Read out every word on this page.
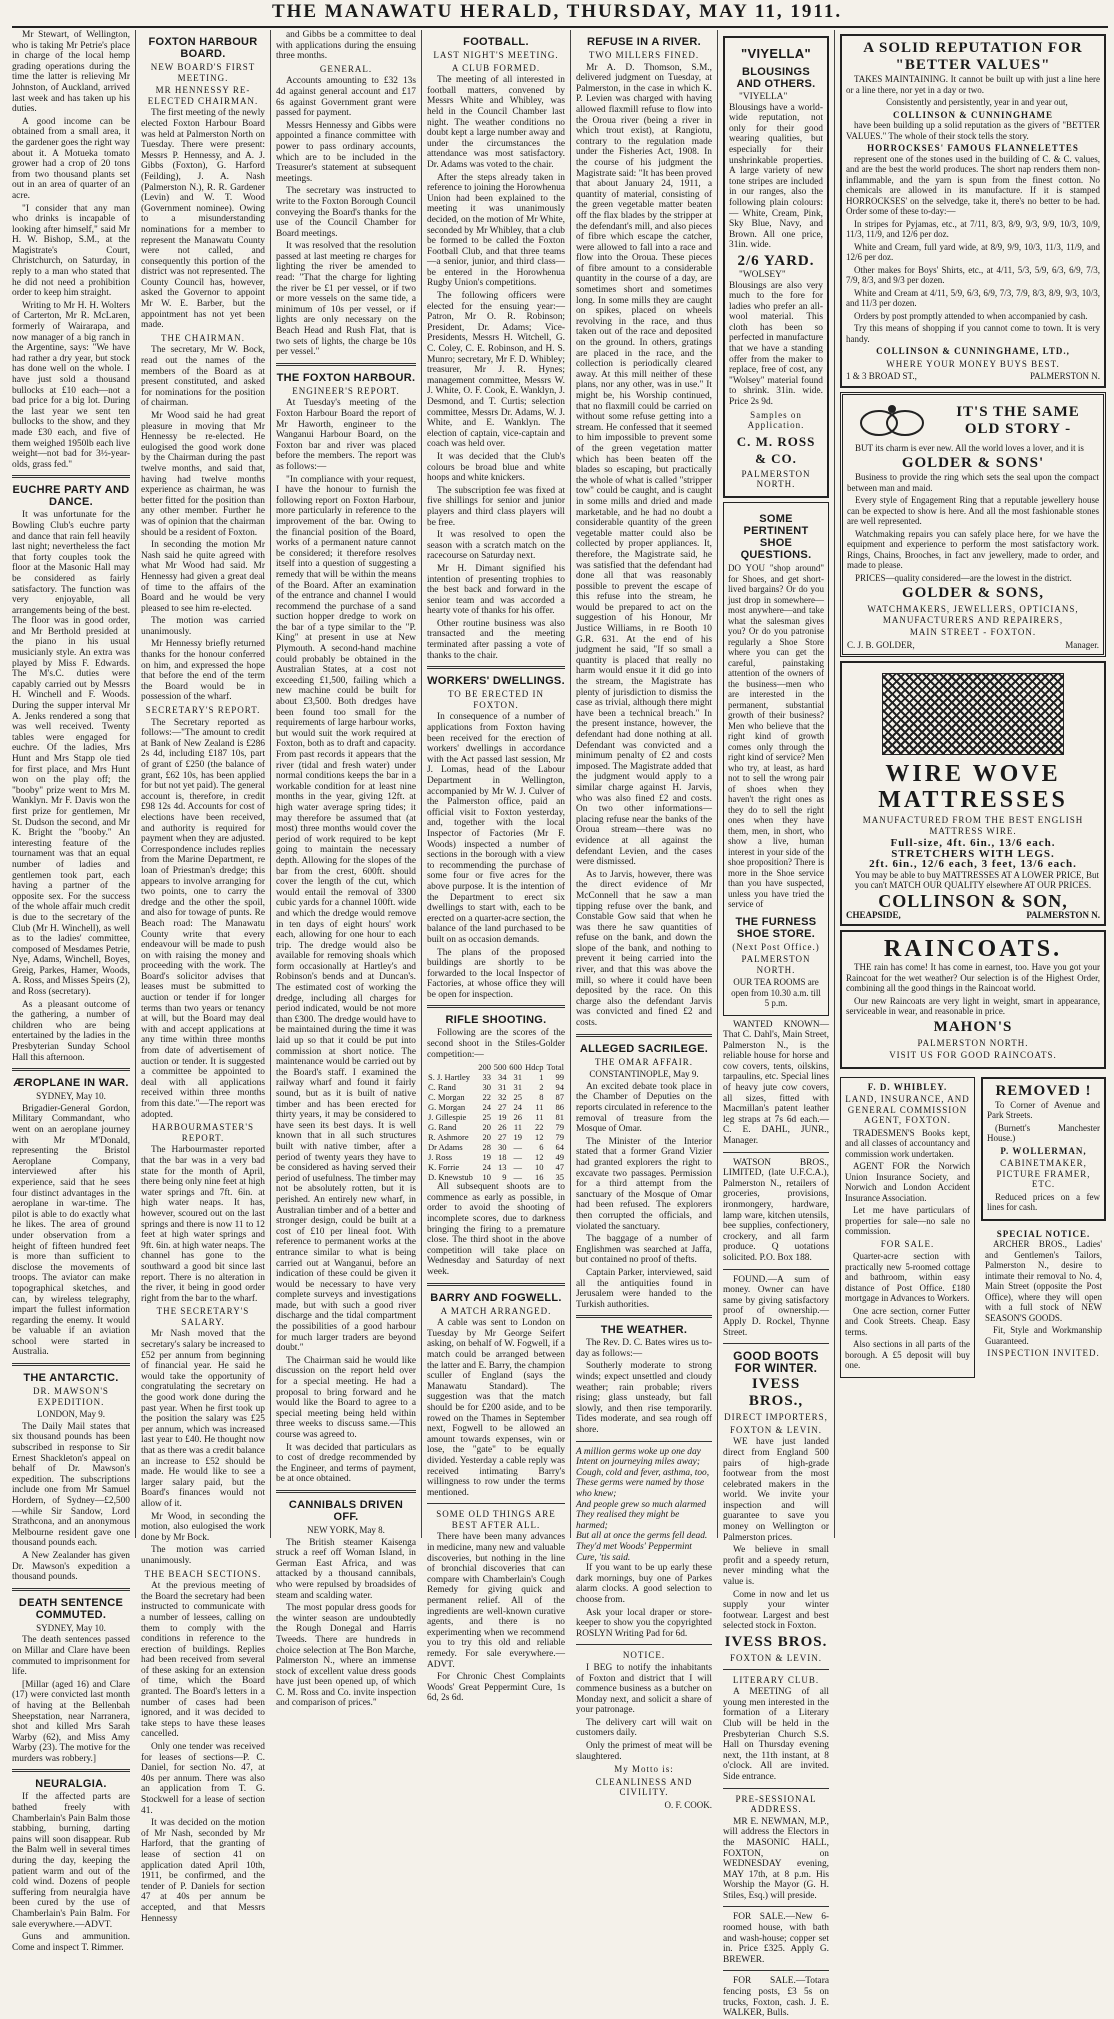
THE MANAWATU HERALD, THURSDAY, MAY 11, 1911.

Mr Stewart, of Wellington, who is taking Mr Petrie's place in charge of the local hemp grading operations during the time the latter is relieving Mr Johnston, of Auckland, arrived last week and has taken up his duties.

A good income can be obtained from a small area, it the gardener goes the right way about it. A Motueka tomato grower had a crop of 20 tons from two thousand plants set out in an area of quarter of an acre.

"I consider that any man who drinks is incapable of looking after himself," said Mr H. W. Bishop, S.M., at the Magistrate's Court, Christchurch, on Saturday, in reply to a man who stated that he did not need a prohibition order to keep him straight.

Writing to Mr H. H. Wolters of Carterton, Mr R. McLaren, formerly of Wairarapa, and now manager of a big ranch in the Argentine, says: "We have had rather a dry year, but stock has done well on the whole. I have just sold a thousand bullocks at £10 each—not a bad price for a big lot. During the last year we sent ten bullocks to the show, and they made £30 each, and five of them weighed 1950lb each live weight—not bad for 3½-year-olds, grass fed."

EUCHRE PARTY AND DANCE.

It was unfortunate for the Bowling Club's euchre party and dance that rain fell heavily last night; nevertheless the fact that forty couples took the floor at the Masonic Hall may be considered as fairly satisfactory. The function was very enjoyable, all arrangements being of the best. The floor was in good order, and Mr Berthold presided at the piano in his usual musicianly style. An extra was played by Miss F. Edwards. The M's.C. duties were capably carried out by Messrs H. Winchell and F. Woods. During the supper interval Mr A. Jenks rendered a song that was well received. Twenty tables were engaged for euchre. Of the ladies, Mrs Hunt and Mrs Stapp ole tied for first place, and Mrs Hunt won on the play off; the "booby" prize went to Mrs M. Wanklyn. Mr F. Davis won the first prize for gentlemen, Mr St. Dudson the second, and Mr K. Bright the "booby." An interesting feature of the tournament was that an equal number of ladies and gentlemen took part, each having a partner of the opposite sex. For the success of the whole affair much credit is due to the secretary of the Club (Mr H. Winchell), as well as to the ladies' committee, composed of Mesdames Petrie, Nye, Adams, Winchell, Boyes, Greig, Parkes, Hamer, Woods, A. Ross, and Misses Speirs (2), and Ross (secretary).

As a pleasant outcome of the gathering, a number of children who are being entertained by the ladies in the Presbyterian Sunday School Hall this afternoon.

ÆROPLANE IN WAR.
SYDNEY, May 10.

Brigadier-General Gordon, Military Commandant, who went on an aeroplane journey with Mr M'Donald, representing the Bristol Aeroplane Company, interviewed after his experience, said that he sees four distinct advantages in the aeroplane in war-time. The pilot is able to do exactly what he likes. The area of ground under observation from a height of fifteen hundred feet is more than sufficient to disclose the movements of troops. The aviator can make topographical sketches, and can, by wireless telegraphy, impart the fullest information regarding the enemy. It would be valuable if an aviation school were started in Australia.

THE ANTARCTIC.
DR. MAWSON'S EXPEDITION.
LONDON, May 9.

The Daily Mail states that six thousand pounds has been subscribed in response to Sir Ernest Shackleton's appeal on behalf of Dr. Mawson's expedition. The subscriptions include one from Mr Samuel Hordern, of Sydney—£2,500—while Sir Sandow, Lord Strathcona, and an anonymous Melbourne resident gave one thousand pounds each.

A New Zealander has given Dr. Mawson's expedition a thousand pounds.

DEATH SENTENCE COMMUTED.
SYDNEY, May 10.

The death sentences passed on Millar and Clare have been commuted to imprisonment for life.

[Millar (aged 16) and Clare (17) were convicted last month of having at the Bellenbah Sheepstation, near Narranera, shot and killed Mrs Sarah Warby (62), and Miss Amy Warby (23). The motive for the murders was robbery.]

NEURALGIA.

If the affected parts are bathed freely with Chamberlain's Pain Balm those stabbing, burning, darting pains will soon disappear. Rub the Balm well in several times during the day, keeping the patient warm and out of the cold wind. Dozens of people suffering from neuralgia have been cured by the use of Chamberlain's Pain Balm. For sale everywhere.—ADVT.

Guns and ammunition. Come and inspect T. Rimmer.

FOXTON HARBOUR BOARD.
NEW BOARD'S FIRST MEETING.
MR HENNESSY RE-ELECTED CHAIRMAN.

The first meeting of the newly elected Foxton Harbour Board was held at Palmerston North on Tuesday. There were present: Messrs P. Hennessy, and A. J. Gibbs (Foxton), G. Harford (Feilding), J. A. Nash (Palmerston N.), R. R. Gardener (Levin) and W. T. Wood (Government nominee). Owing to a misunderstanding nominations for a member to represent the Manawatu County were not called, and consequently this portion of the district was not represented. The County Council has, however, asked the Governor to appoint Mr W. E. Barber, but the appointment has not yet been made.

THE CHAIRMAN.

The secretary, Mr W. Bock, read out the names of the members of the Board as at present constituted, and asked for nominations for the position of chairman.

Mr Wood said he had great pleasure in moving that Mr Hennessy be re-elected. He eulogised the good work done by the Chairman during the past twelve months, and said that, having had twelve months experience as chairman, he was better fitted for the position than any other member. Further he was of opinion that the chairman should be a resident of Foxton.

In seconding the motion Mr Nash said he quite agreed with what Mr Wood had said. Mr Hennessy had given a great deal of time to the affairs of the Board and he would be very pleased to see him re-elected.

The motion was carried unanimously.

Mr Hennessy briefly returned thanks for the honour conferred on him, and expressed the hope that before the end of the term the Board would be in possession of the wharf.

SECRETARY'S REPORT.

The Secretary reported as follows:—"The amount to credit at Bank of New Zealand is £286 2s 4d, including £187 10s, part of grant of £250 (the balance of grant, £62 10s, has been applied for but not yet paid). The general account is, therefore, in credit £98 12s 4d. Accounts for cost of elections have been received, and authority is required for payment when they are adjusted. Correspondence includes replies from the Marine Department, re loan of Priestman's dredge; this appears to involve arranging for two points, one to carry the dredge and the other the spoil, and also for towage of punts. Re Beach road: The Manawatu County write that every endeavour will be made to push on with raising the money and proceeding with the work. The Board's solicitor advises that leases must be submitted to auction or tender if for longer terms than two years or tenancy at will, but the Board may deal with and accept applications at any time within three months from date of advertisement of auction or tender. It is suggested a committee be appointed to deal with all applications received within three months from this date."—The report was adopted.

HARBOURMASTER'S REPORT.

The Harbourmaster reported that the bar was in a very bad state for the month of April, there being only nine feet at high water springs and 7ft. 6in. at high water neaps. It has, however, scoured out on the last springs and there is now 11 to 12 feet at high water springs and 9ft. 6in. at high water neaps. The channel has gone to the southward a good bit since last report. There is no alteration in the river, it being in good order right from the bar to the wharf.

THE SECRETARY'S SALARY.

Mr Nash moved that the secretary's salary be increased to £52 per annum from beginning of financial year. He said he would take the opportunity of congratulating the secretary on the good work done during the past year. When he first took up the position the salary was £25 per annum, which was increased last year to £40. He thought now that as there was a credit balance an increase to £52 should be made. He would like to see a larger salary paid, but the Board's finances would not allow of it.

Mr Wood, in seconding the motion, also eulogised the work done by Mr Bock.

The motion was carried unanimously.

THE BEACH SECTIONS.

At the previous meeting of the Board the secretary had been instructed to communicate with a number of lessees, calling on them to comply with the conditions in reference to the erection of buildings. Replies had been received from several of these asking for an extension of time, which the Board granted. The Board's letters in a number of cases had been ignored, and it was decided to take steps to have these leases cancelled.

Only one tender was received for leases of sections—P. C. Daniel, for section No. 47, at 40s per annum. There was also an application from T. G. Stockwell for a lease of section 41.

It was decided on the motion of Mr Nash, seconded by Mr Harford, that the granting of lease of section 41 on application dated April 10th, 1911, be confirmed, and the tender of P. Daniels for section 47 at 40s per annum be accepted, and that Messrs Hennessy

and Gibbs be a committee to deal with applications during the ensuing three months.

GENERAL.

Accounts amounting to £32 13s 4d against general account and £17 6s against Government grant were passed for payment.

Messrs Hennessy and Gibbs were appointed a finance committee with power to pass ordinary accounts, which are to be included in the Treasurer's statement at subsequent meetings.

The secretary was instructed to write to the Foxton Borough Council conveying the Board's thanks for the use of the Council Chamber for Board meetings.

It was resolved that the resolution passed at last meeting re charges for lighting the river be amended to read: "That the charge for lighting the river be £1 per vessel, or if two or more vessels on the same tide, a minimum of 10s per vessel, or if lights are only necessary on the Beach Head and Rush Flat, that is two sets of lights, the charge be 10s per vessel."

THE FOXTON HARBOUR.
ENGINEER'S REPORT.

At Tuesday's meeting of the Foxton Harbour Board the report of Mr Haworth, engineer to the Wanganui Harbour Board, on the Foxton bar and river was placed before the members. The report was as follows:—

"In compliance with your request, I have the honour to furnish the following report on Foxton Harbour, more particularly in reference to the improvement of the bar. Owing to the financial position of the Board, works of a permanent nature cannot be considered; it therefore resolves itself into a question of suggesting a remedy that will be within the means of the Board. After an examination of the entrance and channel I would recommend the purchase of a sand suction hopper dredge to work on the bar of a type similar to the "P. King" at present in use at New Plymouth. A second-hand machine could probably be obtained in the Australian States, at a cost not exceeding £1,500, failing which a new machine could be built for about £3,500. Both dredges have been found too small for the requirements of large harbour works, but would suit the work required at Foxton, both as to draft and capacity. From past records it appears that the river (tidal and fresh water) under normal conditions keeps the bar in a workable condition for at least nine months in the year, giving 12ft. at high water average spring tides; it may therefore be assumed that (at most) three months would cover the period of work required to be kept going to maintain the necessary depth. Allowing for the slopes of the bar from the crest, 600ft. should cover the length of the cut, which would entail the removal of 3300 cubic yards for a channel 100ft. wide and which the dredge would remove in ten days of eight hours' work each, allowing for one hour to each trip. The dredge would also be available for removing shoals which form occasionally at Hartley's and Robinson's bends and at Duncan's. The estimated cost of working the dredge, including all charges for period indicated, would be not more than £300. The dredge would have to be maintained during the time it was laid up so that it could be put into commission at short notice. The maintenance would be carried out by the Board's staff. I examined the railway wharf and found it fairly sound, but as it is built of native timber and has been erected for thirty years, it may be considered to have seen its best days. It is well known that in all such structures built with native timber, after a period of twenty years they have to be considered as having served their period of usefulness. The timber may not be absolutely rotten, but it is perished. An entirely new wharf, in Australian timber and of a better and stronger design, could be built at a cost of £10 per lineal foot. With reference to permanent works at the entrance similar to what is being carried out at Wanganui, before an indication of these could be given it would be necessary to have very complete surveys and investigations made, but with such a good river discharge and the tidal compartment the possibilities of a good harbour for much larger traders are beyond doubt."

The Chairman said he would like discussion on the report held over for a special meeting. He had a proposal to bring forward and he would like the Board to agree to a special meeting being held within three weeks to discuss same.—This course was agreed to.

It was decided that particulars as to cost of dredge recommended by the Engineer, and terms of payment, be at once obtained.

CANNIBALS DRIVEN OFF.
NEW YORK, May 8.

The British steamer Kaisenga struck a reef off Woman Island, in German East Africa, and was attacked by a thousand cannibals, who were repulsed by broadsides of steam and scalding water.

The most popular dress goods for the winter season are undoubtedly the Rough Donegal and Harris Tweeds. There are hundreds in choice selection at The Bon Marche, Palmerston N., where an immense stock of excellent value dress goods have just been opened up, of which C. M. Ross and Co. invite inspection and comparison of prices."

FOOTBALL.
LAST NIGHT'S MEETING.
A CLUB FORMED.

The meeting of all interested in football matters, convened by Messrs White and Whibley, was held in the Council Chamber last night. The weather conditions no doubt kept a large number away and under the circumstances the attendance was most satisfactory. Dr. Adams was voted to the chair.

After the steps already taken in reference to joining the Horowhenua Union had been explained to the meeting it was unanimously decided, on the motion of Mr White, seconded by Mr Whibley, that a club be formed to be called the Foxton Football Club, and that three teams—a senior, junior, and third class—be entered in the Horowhenua Rugby Union's competitions.

The following officers were elected for the ensuing year:—Patron, Mr O. R. Robinson; President, Dr. Adams; Vice-Presidents, Messrs H. Witchell, G. C. Coley, C. E. Robinson, and H. S. Munro; secretary, Mr F. D. Whibley; treasurer, Mr J. R. Hynes; management committee, Messrs W. J. White, O. F. Cook, E. Wanklyn, J. Desmond, and T. Curtis; selection committee, Messrs Dr. Adams, W. J. White, and E. Wanklyn. The election of captain, vice-captain and coach was held over.

It was decided that the Club's colours be broad blue and white hoops and white knickers.

The subscription fee was fixed at five shillings for senior and junior players and third class players will be free.

It was resolved to open the season with a scratch match on the racecourse on Saturday next.

Mr H. Dimant signified his intention of presenting trophies to the best back and forward in the senior team and was accorded a hearty vote of thanks for his offer.

Other routine business was also transacted and the meeting terminated after passing a vote of thanks to the chair.

WORKERS' DWELLINGS.
TO BE ERECTED IN FOXTON.

In consequence of a number of applications from Foxton having been received for the erection of workers' dwellings in accordance with the Act passed last session, Mr J. Lomas, head of the Labour Department in Wellington, accompanied by Mr W. J. Culver of the Palmerston office, paid an official visit to Foxton yesterday, and, together with the local Inspector of Factories (Mr F. Woods) inspected a number of sections in the borough with a view to recommending the purchase of some four or five acres for the above purpose. It is the intention of the Department to erect six dwellings to start with, each to be erected on a quarter-acre section, the balance of the land purchased to be built on as occasion demands.

The plans of the proposed buildings are shortly to be forwarded to the local Inspector of Factories, at whose office they will be open for inspection.

RIFLE SHOOTING.

Following are the scores of the second shoot in the Stiles-Golder competition:—

	200	500	600	Hdcp	Total
S. J. Hartley	33	34	31	1	99
C. Rand	30	31	31	2	94
C. Morgan	22	32	25	8	87
G. Morgan	24	27	24	11	86
J. Gillespie	25	19	26	11	81
G. Rand	20	26	11	22	79
R. Ashmore	20	27	19	12	79
Dr Adams	28	30	—	6	64
J. Ross	19	18	—	12	49
K. Forrie	24	13	—	10	47
D. Knewstub	10	9	—	16	35

All subsequent shoots are to commence as early as possible, in order to avoid the shooting of incomplete scores, due to darkness bringing the firing to a premature close. The third shoot in the above competition will take place on Wednesday and Saturday of next week.

BARRY AND FOGWELL.
A MATCH ARRANGED.

A cable was sent to London on Tuesday by Mr George Seifert asking, on behalf of W. Fogwell, if a match could be arranged between the latter and E. Barry, the champion sculler of England (says the Manawatu Standard). The suggestion was that the match should be for £200 aside, and to be rowed on the Thames in September next, Fogwell to be allowed an amount towards expenses, win or lose, the "gate" to be equally divided. Yesterday a cable reply was received intimating Barry's willingness to row under the terms mentioned.

SOME OLD THINGS ARE BEST AFTER ALL.

There have been many advances in medicine, many new and valuable discoveries, but nothing in the line of bronchial discoveries that can compare with Chamberlain's Cough Remedy for giving quick and permanent relief. All of the ingredients are well-known curative agents, and there is no experimenting when we recommend you to try this old and reliable remedy. For sale everywhere.—ADVT.

For Chronic Chest Complaints Woods' Great Peppermint Cure, 1s 6d, 2s 6d.

REFUSE IN A RIVER.
TWO MILLERS FINED.

Mr A. D. Thomson, S.M., delivered judgment on Tuesday, at Palmerston, in the case in which K. P. Levien was charged with having allowed flaxmill refuse to flow into the Oroua river (being a river in which trout exist), at Rangiotu, contrary to the regulation made under the Fisheries Act, 1908. In the course of his judgment the Magistrate said: "It has been proved that about January 24, 1911, a quantity of material, consisting of the green vegetable matter beaten off the flax blades by the stripper at the defendant's mill, and also pieces of fibre which escape the catcher, were allowed to fall into a race and flow into the Oroua. These pieces of fibre amount to a considerable quantity in the course of a day, are sometimes short and sometimes long. In some mills they are caught on spikes, placed on wheels revolving in the race, and thus taken out of the race and deposited on the ground. In others, gratings are placed in the race, and the collection is periodically cleared away. At this mill neither of these plans, nor any other, was in use." It might be, his Worship continued, that no flaxmill could be carried on without some refuse getting into a stream. He confessed that it seemed to him impossible to prevent some of the green vegetation matter which has been beaten off the blades so escaping, but practically the whole of what is called "stripper tow" could be caught, and is caught in some mills and dried and made marketable, and he had no doubt a considerable quantity of the green vegetable matter could also be collected by proper appliances. It, therefore, the Magistrate said, he was satisfied that the defendant had done all that was reasonably possible to prevent the escape of this refuse into the stream, he would be prepared to act on the suggestion of his Honour, Mr Justice Williams, in re Booth 10 G.R. 631. At the end of his judgment he said, "If so small a quantity is placed that really no harm would ensue it it did go into the stream, the Magistrate has plenty of jurisdiction to dismiss the case as trivial, although there might have been a technical breach." In the present instance, however, the defendant had done nothing at all. Defendant was convicted and a minimum penalty of £2 and costs imposed. The Magistrate added that the judgment would apply to a similar charge against H. Jarvis, who was also fined £2 and costs. On two other informations—placing refuse near the banks of the Oroua stream—there was no evidence at all against the defendant Levien, and the cases were dismissed.

As to Jarvis, however, there was the direct evidence of Mr McConnell that he saw a man tipping refuse over the bank, and Constable Gow said that when he was there he saw quantities of refuse on the bank, and down the slope of the bank, and nothing to prevent it being carried into the river, and that this was above the mill, so where it could have been deposited by the race. On this charge also the defendant Jarvis was convicted and fined £2 and costs.

ALLEGED SACRILEGE.
THE OMAR AFFAIR.
CONSTANTINOPLE, May 9.

An excited debate took place in the Chamber of Deputies on the reports circulated in reference to the removal of treasure from the Mosque of Omar.

The Minister of the Interior stated that a former Grand Vizier had granted explorers the right to excavate two passages. Permission for a third attempt from the sanctuary of the Mosque of Omar had been refused. The explorers then corrupted the officials, and violated the sanctuary.

The baggage of a number of Englishmen was searched at Jaffa, but contained no proof of thefts.

Captain Parker, interviewed, said all the antiquities found in Jerusalem were handed to the Turkish authorities.

THE WEATHER.

The Rev. D. C. Bates wires us to-day as follows:—

Southerly moderate to strong winds; expect unsettled and cloudy weather; rain probable; rivers rising; glass unsteady, but fall slowly, and then rise temporarily. Tides moderate, and sea rough off shore.

A million germs woke up one day
Intent on journeying miles away;
Cough, cold and fever, asthma, too,
These germs were named by those who knew;
And people grew so much alarmed
They realised they might be harmed;
But all at once the germs fell dead.
They'd met Woods' Peppermint Cure, 'tis said.

If you want to be up early these dark mornings, buy one of Parkes alarm clocks. A good selection to choose from.

Ask your local draper or store-keeper to show you the copyrighted ROSLYN Writing Pad for 6d.

NOTICE.

I BEG to notify the inhabitants of Foxton and district that I will commence business as a butcher on Monday next, and solicit a share of your patronage.

The delivery cart will wait on customers daily.

Only the primest of meat will be slaughtered.

My Motto is:
CLEANLINESS AND CIVILITY.
O. F. COOK.
"VIYELLA"
BLOUSINGS AND OTHERS.

"VIYELLA" Blousings have a world-wide reputation, not only for their good wearing qualities, but especially for their unshrinkable properties. A large variety of new tone stripes are included in our ranges, also the following plain colours:— White, Cream, Pink, Sky Blue, Navy, and Brown. All one price, 31in. wide.

2/6 YARD.

"WOLSEY" Blousings are also very much to the fore for ladies who prefer an all-wool material. This cloth has been so perfected in manufacture that we have a standing offer from the maker to replace, free of cost, any "Wolsey" material found to shrink. 31in. wide. Price 2s 9d.

Samples on Application.
C. M. ROSS & CO.
PALMERSTON NORTH.
SOME PERTINENT SHOE QUESTIONS.

DO YOU "shop around" for Shoes, and get short-lived bargains? Or do you just drop in somewhere—most anywhere—and take what the salesman gives you? Or do you patronise regularly a Shoe Store where you can get the careful, painstaking attention of the owners of the business—men who are interested in the permanent, substantial growth of their business? Men who believe that the right kind of growth comes only through the right kind of service? Men who try, at least, as hard not to sell the wrong pair of shoes when they haven't the right ones as they do to sell the right ones when they have them, men, in short, who show a live, human interest in your side of the shoe proposition? There is more in the Shoe service than you have suspected, unless you have tried the service of

THE FURNESS SHOE STORE.
(Next Post Office.)
PALMERSTON NORTH.

OUR TEA ROOMS are open from 10.30 a.m. till 5 p.m.

WANTED KNOWN—That C. Dahl's, Main Street, Palmerston N., is the reliable house for horse and cow covers, tents, oilskins, tarpaulins, etc. Special lines of heavy jute cow covers, all sizes, fitted with Macmillan's patent leather leg straps at 7s 6d each.—C. E. DAHL, JUNR., Manager.

WATSON BROS., LIMITED, (late U.F.C.A.), Palmerston N., retailers of groceries, provisions, ironmongery, hardware, lamp ware, kitchen utensils, bee supplies, confectionery, crockery, and all farm produce. Q uotations solicited. P.O. Box 188.

FOUND.—A sum of money. Owner can have same by giving satisfactory proof of ownership.—Apply D. Rockel, Thynne Street.

GOOD BOOTS FOR WINTER.
IVESS BROS.,
DIRECT IMPORTERS,
FOXTON & LEVIN.

WE have just landed direct from England 500 pairs of high-grade footwear from the most celebrated makers in the world. We invite your inspection and will guarantee to save you money on Wellington or Palmerston prices.

We believe in small profit and a speedy return, never minding what the value is.

Come in now and let us supply your winter footwear. Largest and best selected stock in Foxton.

IVESS BROS.
FOXTON & LEVIN.
LITERARY CLUB.

A MEETING of all young men interested in the formation of a Literary Club will be held in the Presbyterian Church S.S. Hall on Thursday evening next, the 11th instant, at 8 o'clock. All are invited. Side entrance.

PRE-SESSIONAL ADDRESS.

MR E. NEWMAN, M.P., will address the Electors in the MASONIC HALL, FOXTON, on WEDNESDAY evening, MAY 17th, at 8 p.m. His Worship the Mayor (G. H. Stiles, Esq.) will preside.

FOR SALE.—New 6-roomed house, with bath and wash-house; copper set in. Price £325. Apply G. BREWER.

FOR SALE.—Totara fencing posts, £3 5s on trucks, Foxton, cash. J. E. WALKER, Bulls.

A SOLID REPUTATION FOR "BETTER VALUES"

TAKES MAINTAINING. It cannot be built up with just a line here or a line there, nor yet in a day or two.

Consistently and persistently, year in and year out,

COLLINSON & CUNNINGHAME

have been building up a solid reputation as the givers of "BETTER VALUES." The whole of their stock tells the story.

HORROCKSES' FAMOUS FLANNELETTES

represent one of the stones used in the building of C. & C. values, and are the best the world produces. The short nap renders them non-inflammable, and the yarn is spun from the finest cotton. No chemicals are allowed in its manufacture. If it is stamped HORROCKSES' on the selvedge, take it, there's no better to be had. Order some of these to-day:—

In stripes for Pyjamas, etc., at 7/11, 8/3, 8/9, 9/3, 9/9, 10/3, 10/9, 11/3, 11/9, and 12/6 per doz.

White and Cream, full yard wide, at 8/9, 9/9, 10/3, 11/3, 11/9, and 12/6 per doz.

Other makes for Boys' Shirts, etc., at 4/11, 5/3, 5/9, 6/3, 6/9, 7/3, 7/9, 8/3, and 9/3 per dozen.

White and Cream at 4/11, 5/9, 6/3, 6/9, 7/3, 7/9, 8/3, 8/9, 9/3, 10/3, and 11/3 per dozen.

Orders by post promptly attended to when accompanied by cash.

Try this means of shopping if you cannot come to town. It is very handy.

COLLINSON & CUNNINGHAME, LTD.,
WHERE YOUR MONEY BUYS BEST.
1 & 3 BROAD ST.,	PALMERSTON N.
IT'S THE SAME
OLD STORY -

BUT its charm is ever new. All the world loves a lover, and it is

GOLDER & SONS'

Business to provide the ring which sets the seal upon the compact between man and maid.

Every style of Engagement Ring that a reputable jewellery house can be expected to show is here. And all the most fashionable stones are well represented.

Watchmaking repairs you can safely place here, for we have the equipment and experience to perform the most satisfactory work. Rings, Chains, Brooches, in fact anv jewellery, made to order, and made to please.

PRICES—quality considered—are the lowest in the district.

GOLDER & SONS,
WATCHMAKERS, JEWELLERS, OPTICIANS, MANUFACTURERS AND REPAIRERS,
MAIN STREET - FOXTON.
C. J. B. GOLDER,	Manager.
WIRE WOVE
MATTRESSES
MANUFACTURED FROM THE BEST ENGLISH MATTRESS WIRE.
Full-size, 4ft. 6in., 13/6 each.
STRETCHERS WITH LEGS.
2ft. 6in., 12/6 each, 3 feet, 13/6 each.

You may be able to buy MATTRESSES AT A LOWER PRICE, But you can't MATCH OUR QUALITY elsewhere AT OUR PRICES.

COLLINSON & SON,
CHEAPSIDE,	PALMERSTON N.
RAINCOATS.

THE rain has come! It has come in earnest, too. Have you got your Raincoat for the wet weather? Our selection is of the Highest Order, combining all the good things in the Raincoat world.

Our new Raincoats are very light in weight, smart in appearance, serviceable in wear, and reasonable in price.

MAHON'S
PALMERSTON NORTH.
VISIT US FOR GOOD RAINCOATS.
F. D. WHIBLEY.
LAND, INSURANCE, AND GENERAL COMMISSION AGENT, FOXTON.

TRADESMEN'S Books kept, and all classes of accountancy and commission work undertaken.

AGENT FOR the Norwich Union Insurance Society, and Norwich and London Accident Insurance Association.

Let me have particulars of properties for sale—no sale no commission.

FOR SALE.

Quarter-acre section with practically new 5-roomed cottage and bathroom, within easy distance of Post Office. £180 mortgage in Advances to Workers.

One acre section, corner Futter and Cook Streets. Cheap. Easy terms.

Also sections in all parts of the borough. A £5 deposit will buy one.

REMOVED !

To Corner of Avenue and Park Streets.

(Burnett's Manchester House.)

P. WOLLERMAN,
CABINETMAKER, PICTURE FRAMER, ETC.

Reduced prices on a few lines for cash.

SPECIAL NOTICE.

ARCHER BROS., Ladies' and Gentlemen's Tailors, Palmerston N., desire to intimate their removal to No. 4, Main Street (opposite the Post Office), where they will open with a full stock of NEW SEASON'S GOODS.

Fit, Style and Workmanship Guaranteed.

INSPECTION INVITED.
